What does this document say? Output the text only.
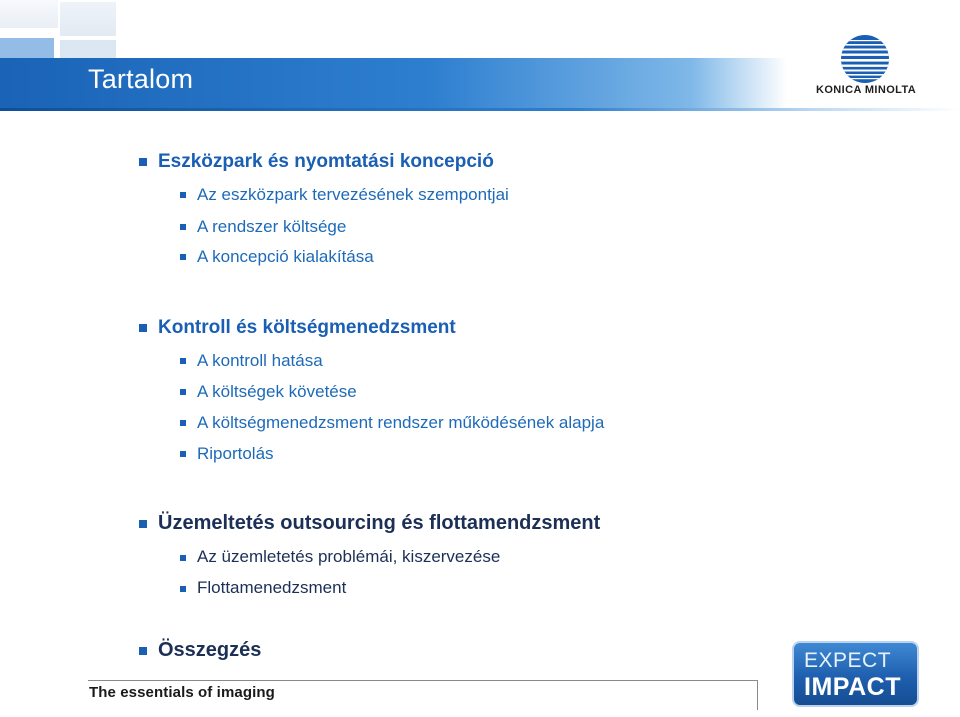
Tartalom	KONICA MINOLTA
Eszközpark és nyomtatási koncepció
Az eszközpark tervezésének szempontjai
A rendszer költsége
A koncepció kialakítása
Kontroll és költségmenedzsment
A kontroll hatása
A költségek követése
A költségmenedzsment rendszer működésének alapja
Riportolás
Üzemeltetés outsourcing és flottamendzsment
Az üzemletetés problémái, kiszervezése
Flottamenedzsment
Összegzés
The essentials of imaging
EXPECT
IMPACT
